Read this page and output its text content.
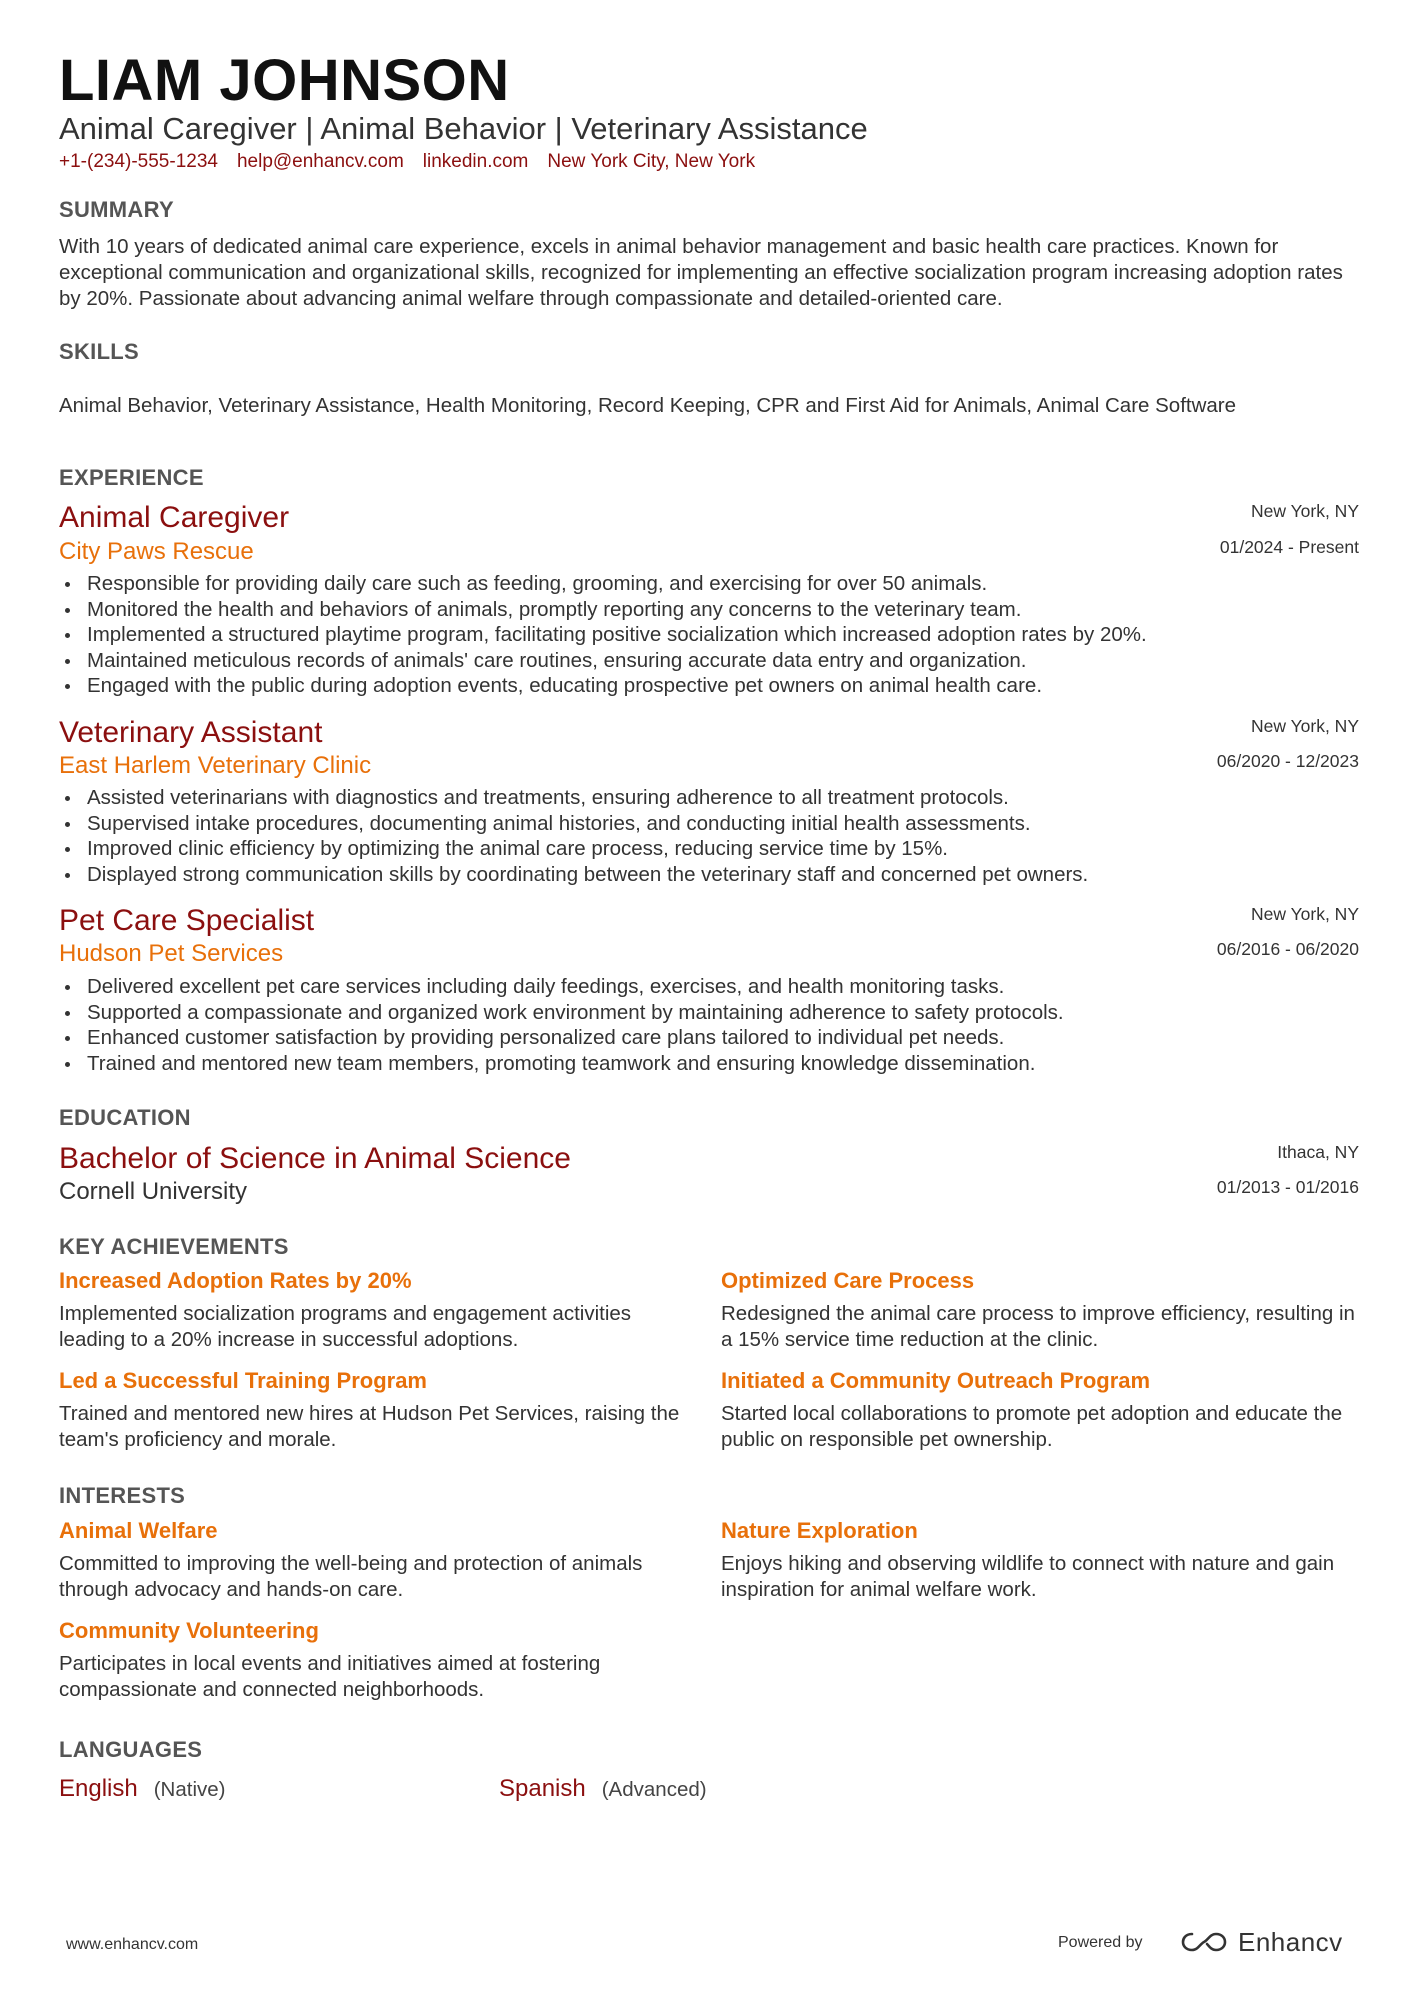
LIAM JOHNSON
Animal Caregiver | Animal Behavior | Veterinary Assistance
+1-(234)-555-1234 help@enhancv.com linkedin.com New York City, New York
SUMMARY

With 10 years of dedicated animal care experience, excels in animal behavior management and basic health care practices. Known for exceptional communication and organizational skills, recognized for implementing an effective socialization program increasing adoption rates by 20%. Passionate about advancing animal welfare through compassionate and detailed-oriented care.

SKILLS

Animal Behavior, Veterinary Assistance, Health Monitoring, Record Keeping, CPR and First Aid for Animals, Animal Care Software

EXPERIENCE
Animal Caregiver	New York, NY
City Paws Rescue	01/2024 - Present
Responsible for providing daily care such as feeding, grooming, and exercising for over 50 animals.
Monitored the health and behaviors of animals, promptly reporting any concerns to the veterinary team.
Implemented a structured playtime program, facilitating positive socialization which increased adoption rates by 20%.
Maintained meticulous records of animals' care routines, ensuring accurate data entry and organization.
Engaged with the public during adoption events, educating prospective pet owners on animal health care.
Veterinary Assistant	New York, NY
East Harlem Veterinary Clinic	06/2020 - 12/2023
Assisted veterinarians with diagnostics and treatments, ensuring adherence to all treatment protocols.
Supervised intake procedures, documenting animal histories, and conducting initial health assessments.
Improved clinic efficiency by optimizing the animal care process, reducing service time by 15%.
Displayed strong communication skills by coordinating between the veterinary staff and concerned pet owners.
Pet Care Specialist	New York, NY
Hudson Pet Services	06/2016 - 06/2020
Delivered excellent pet care services including daily feedings, exercises, and health monitoring tasks.
Supported a compassionate and organized work environment by maintaining adherence to safety protocols.
Enhanced customer satisfaction by providing personalized care plans tailored to individual pet needs.
Trained and mentored new team members, promoting teamwork and ensuring knowledge dissemination.
EDUCATION
Bachelor of Science in Animal Science	Ithaca, NY
Cornell University	01/2013 - 01/2016
KEY ACHIEVEMENTS
Increased Adoption Rates by 20%
Implemented socialization programs and engagement activities leading to a 20% increase in successful adoptions.
Optimized Care Process
Redesigned the animal care process to improve efficiency, resulting in a 15% service time reduction at the clinic.
Led a Successful Training Program
Trained and mentored new hires at Hudson Pet Services, raising the team's proficiency and morale.
Initiated a Community Outreach Program
Started local collaborations to promote pet adoption and educate the public on responsible pet ownership.
INTERESTS
Animal Welfare
Committed to improving the well-being and protection of animals through advocacy and hands-on care.
Nature Exploration
Enjoys hiking and observing wildlife to connect with nature and gain inspiration for animal welfare work.
Community Volunteering
Participates in local events and initiatives aimed at fostering compassionate and connected neighborhoods.
LANGUAGES
English (Native)	Spanish (Advanced)
www.enhancv.com	Powered by	Enhancv
